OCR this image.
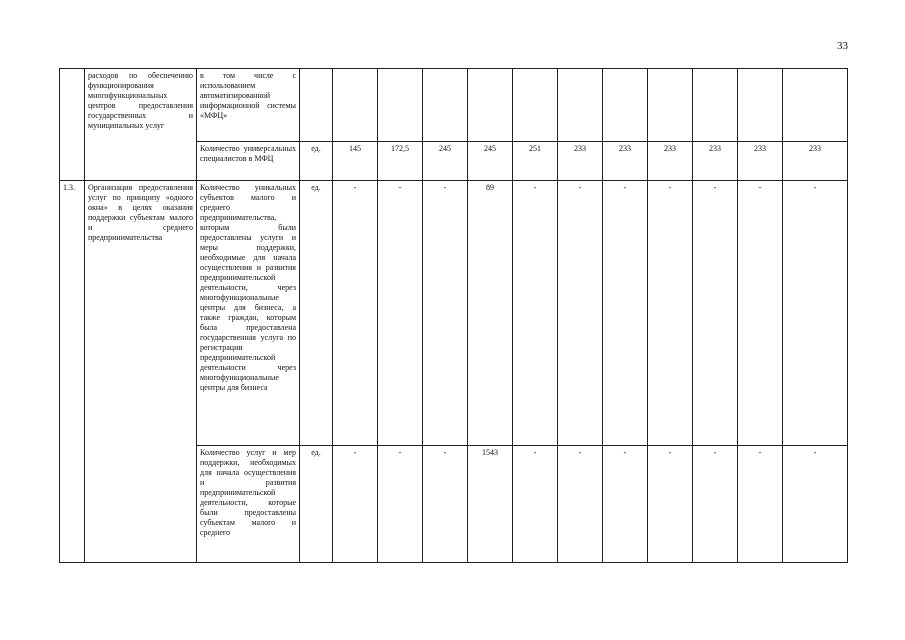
33
	расходов по обеспечению функционирования многофункциональных центров предоставления государственных и муниципальных услуг	в том числе с использованием автоматизированной информационной системы «МФЦ»												
		Количество универсальных специалистов в МФЦ	ед.	145	172,5	245	245	251	233	233	233	233	233	233
1.3.	Организация предоставления услуг по принципу «одного окна» в целях оказания поддержки субъектам малого и среднего предпринимательства	Количество уникальных субъектов малого и среднего предпринимательства, которым были предоставлены услуги и меры поддержки, необходимые для начала осуществления и развития предпринимательской деятельности, через многофункциональные центры для бизнеса, а также граждан, которым была предоставлена государственная услуга по регистрации предпринимательской деятельности через многофункциональные центры для бизнеса	ед.	-	-	-	89	-	-	-	-	-	-	-
		Количество услуг и мер поддержки, необходимых для начала осуществления и развития предпринимательской деятельности, которые были предоставлены субъектам малого и среднего	ед.	-	-	-	1543	-	-	-	-	-	-	-
